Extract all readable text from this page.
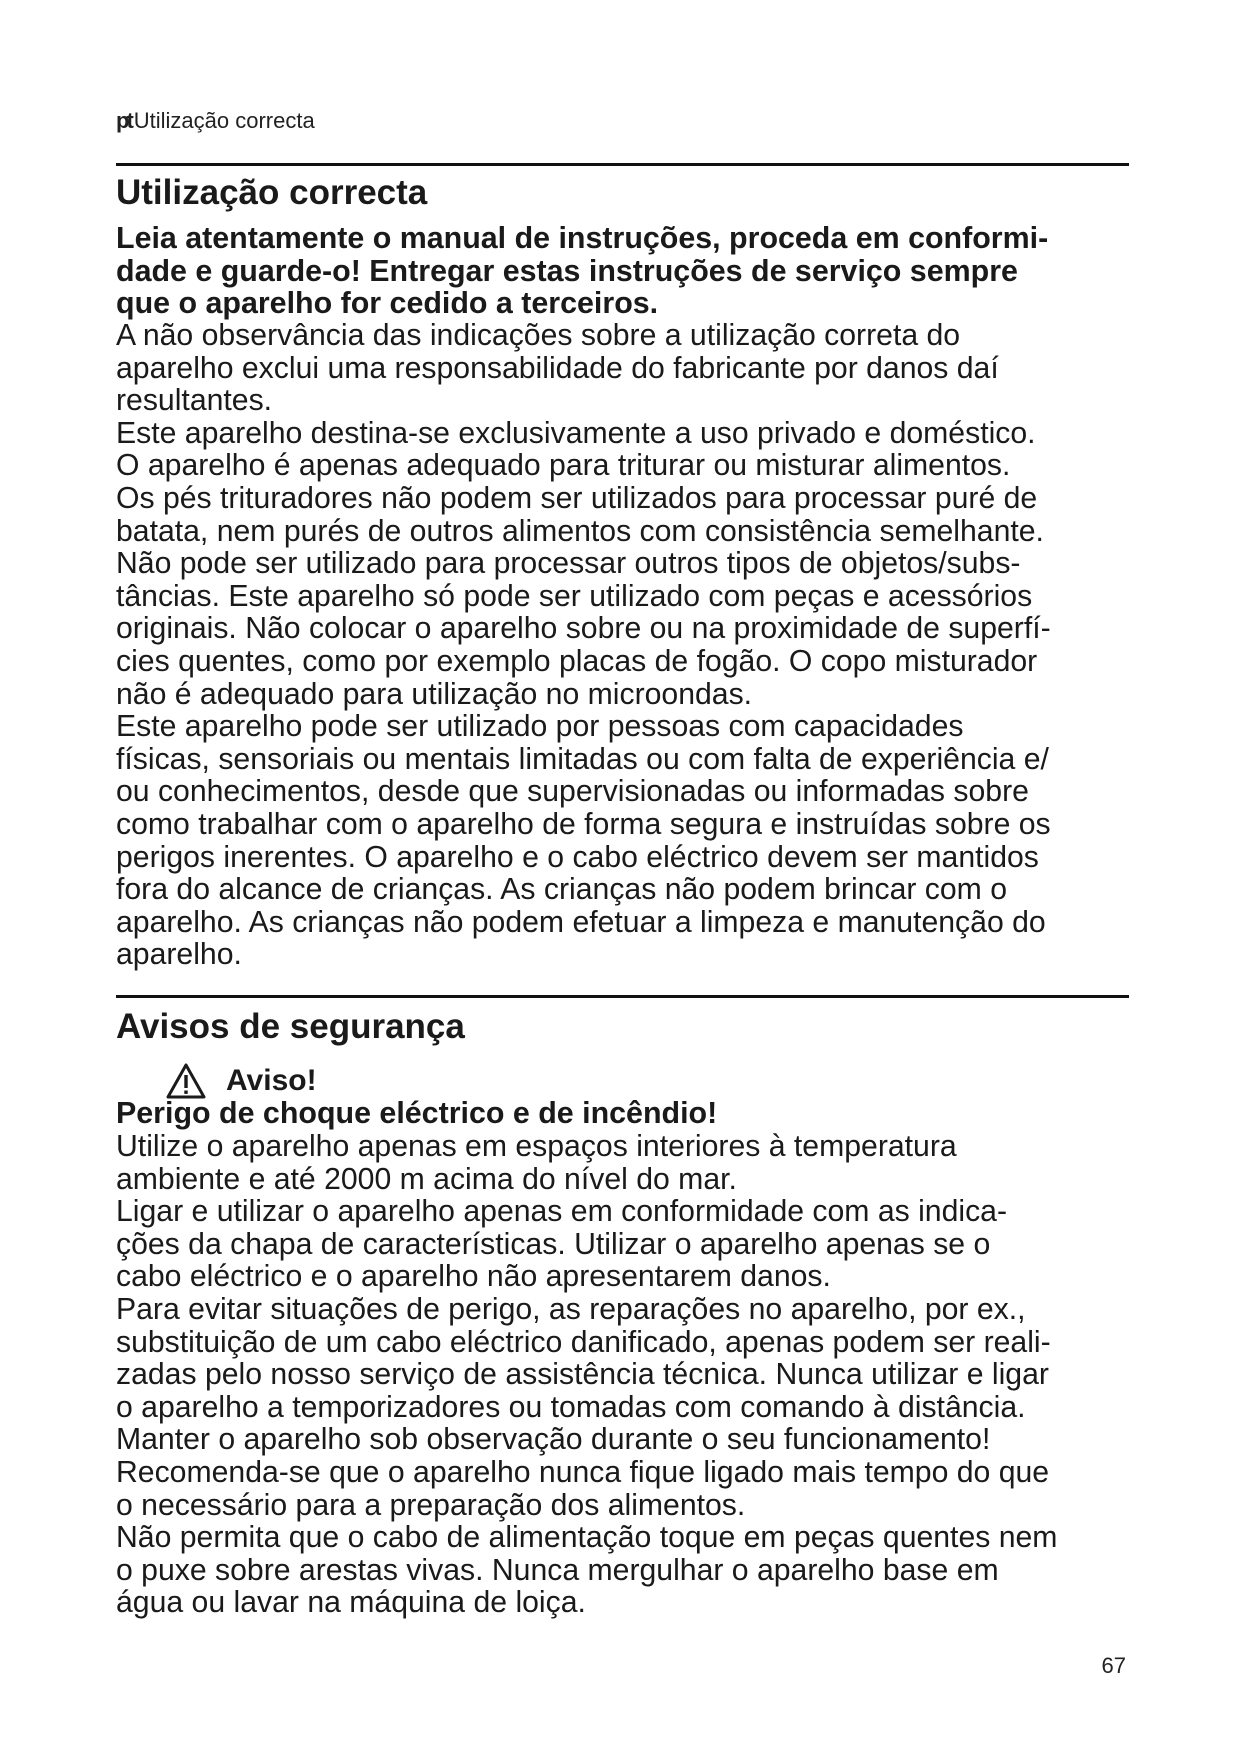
pt Utilização correcta
Utilização correcta
Leia atentamente o manual de instruções, proceda em conformi-
dade e guarde-o! Entregar estas instruções de serviço sempre
que o aparelho for cedido a terceiros.
A não observância das indicações sobre a utilização correta do
aparelho exclui uma responsabilidade do fabricante por danos daí
resultantes.
Este aparelho destina-se exclusivamente a uso privado e doméstico.
O aparelho é apenas adequado para triturar ou misturar alimentos.
Os pés trituradores não podem ser utilizados para processar puré de
batata, nem purés de outros alimentos com consistência semelhante.
Não pode ser utilizado para processar outros tipos de objetos/subs-
tâncias. Este aparelho só pode ser utilizado com peças e acessórios
originais. Não colocar o aparelho sobre ou na proximidade de superfí-
cies quentes, como por exemplo placas de fogão. O copo misturador
não é adequado para utilização no microondas.
Este aparelho pode ser utilizado por pessoas com capacidades
físicas, sensoriais ou mentais limitadas ou com falta de experiência e/
ou conhecimentos, desde que supervisionadas ou informadas sobre
como trabalhar com o aparelho de forma segura e instruídas sobre os
perigos inerentes. O aparelho e o cabo eléctrico devem ser mantidos
fora do alcance de crianças. As crianças não podem brincar com o
aparelho. As crianças não podem efetuar a limpeza e manutenção do
aparelho.
Avisos de segurança
Aviso!
Perigo de choque eléctrico e de incêndio!
Utilize o aparelho apenas em espaços interiores à temperatura
ambiente e até 2000 m acima do nível do mar.
Ligar e utilizar o aparelho apenas em conformidade com as indica-
ções da chapa de características. Utilizar o aparelho apenas se o
cabo eléctrico e o aparelho não apresentarem danos.
Para evitar situações de perigo, as reparações no aparelho, por ex.,
substituição de um cabo eléctrico danificado, apenas podem ser reali-
zadas pelo nosso serviço de assistência técnica. Nunca utilizar e ligar
o aparelho a temporizadores ou tomadas com comando à distância.
Manter o aparelho sob observação durante o seu funcionamento!
Recomenda-se que o aparelho nunca fique ligado mais tempo do que
o necessário para a preparação dos alimentos.
Não permita que o cabo de alimentação toque em peças quentes nem
o puxe sobre arestas vivas. Nunca mergulhar o aparelho base em
água ou lavar na máquina de loiça.
67
